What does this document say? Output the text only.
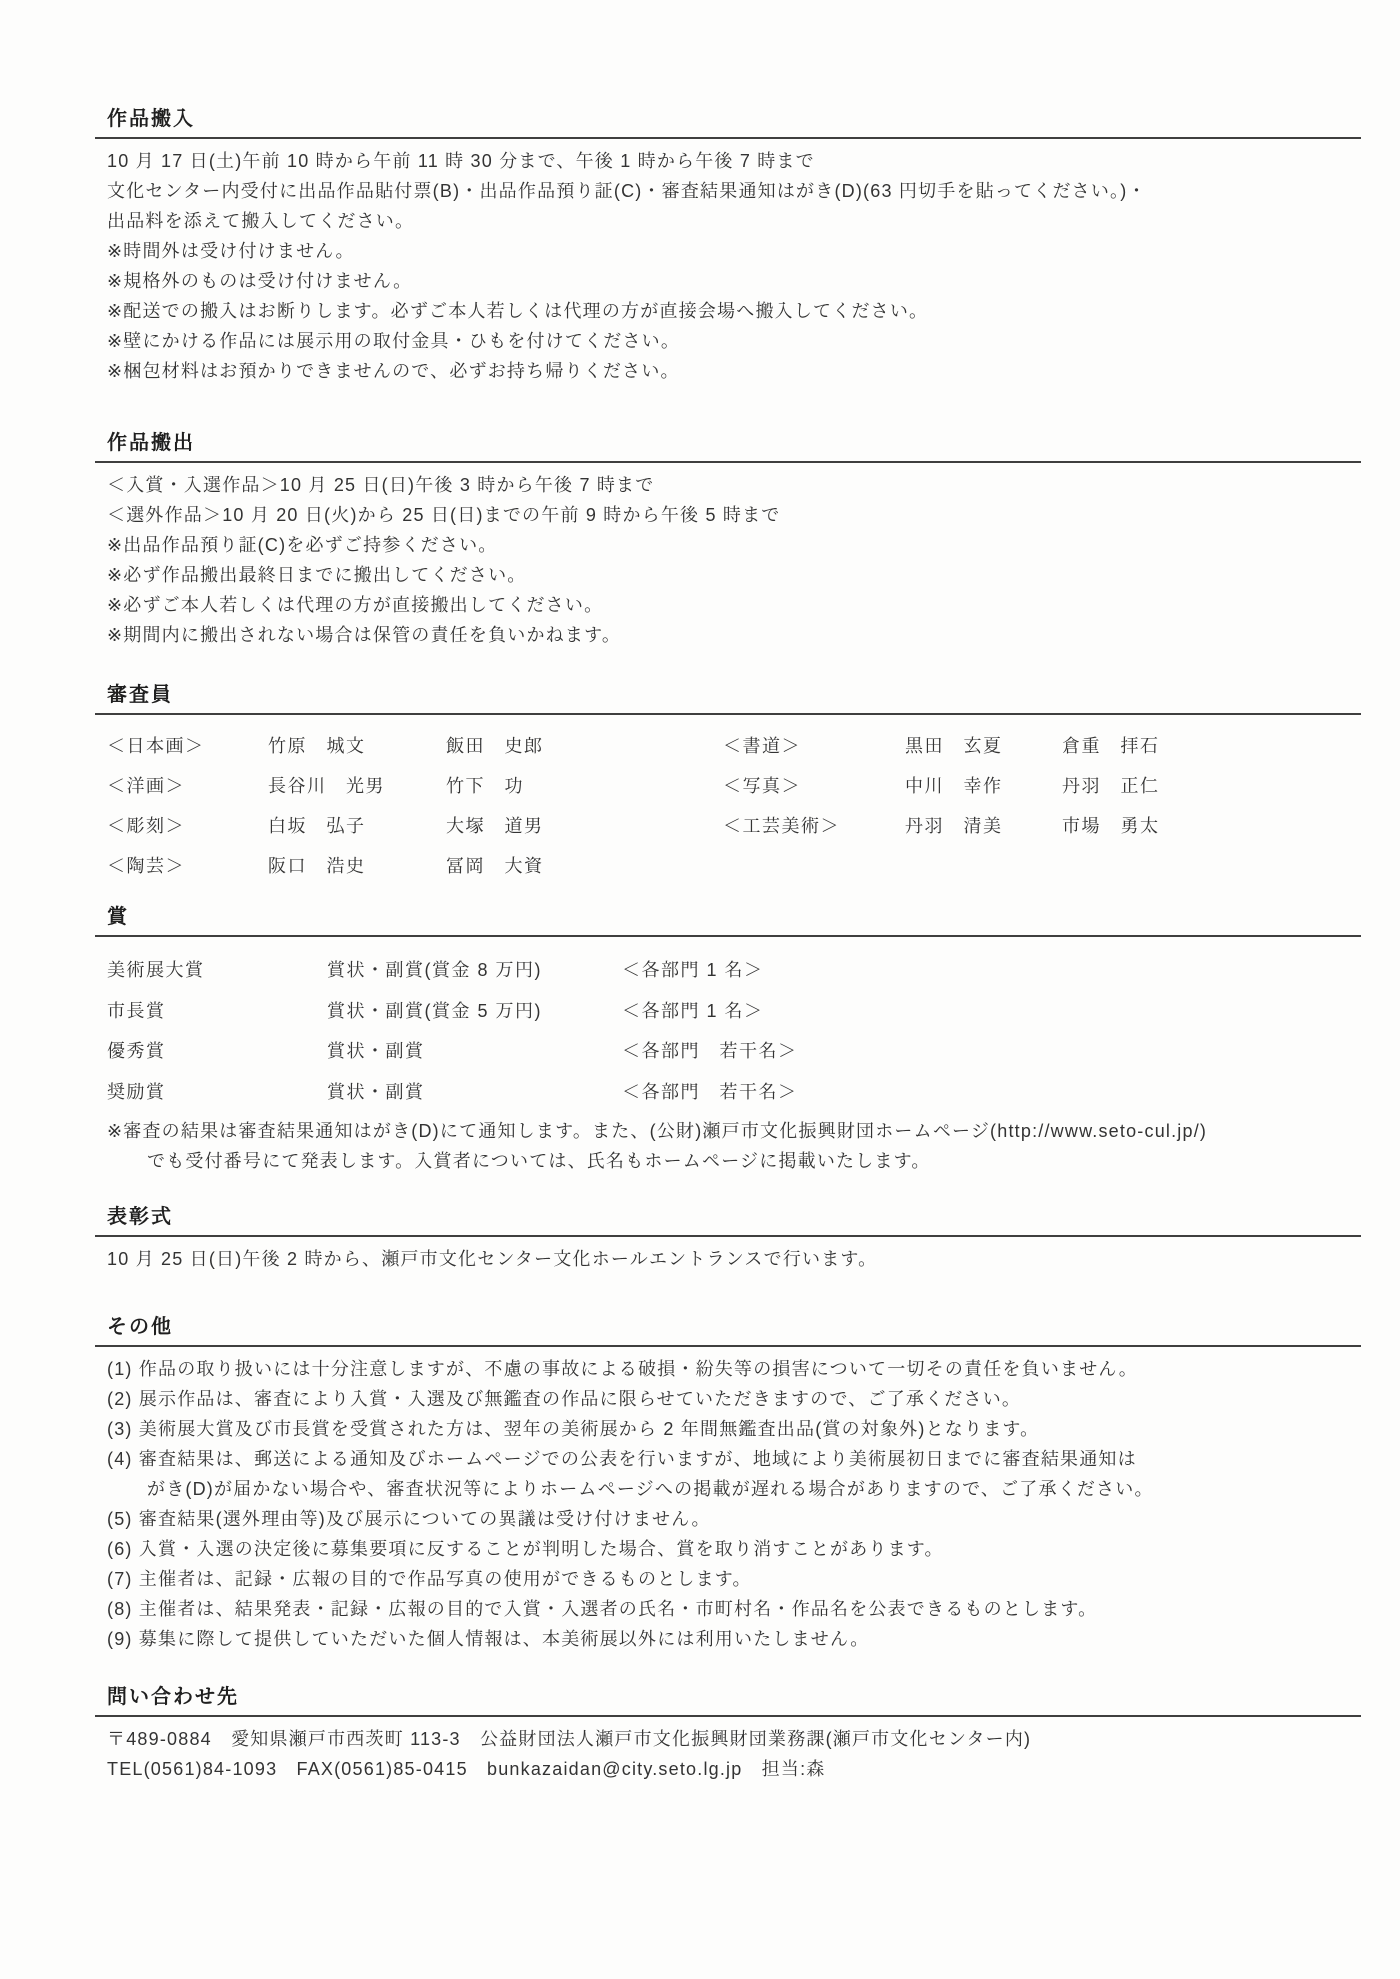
作品搬入
10 月 17 日(土)午前 10 時から午前 11 時 30 分まで、午後 1 時から午後 7 時まで
文化センター内受付に出品作品貼付票(B)・出品作品預り証(C)・審査結果通知はがき(D)(63 円切手を貼ってください。)・
出品料を添えて搬入してください。
※時間外は受け付けません。
※規格外のものは受け付けません。
※配送での搬入はお断りします。必ずご本人若しくは代理の方が直接会場へ搬入してください。
※壁にかける作品には展示用の取付金具・ひもを付けてください。
※梱包材料はお預かりできませんので、必ずお持ち帰りください。
作品搬出
＜入賞・入選作品＞10 月 25 日(日)午後 3 時から午後 7 時まで
＜選外作品＞10 月 20 日(火)から 25 日(日)までの午前 9 時から午後 5 時まで
※出品作品預り証(C)を必ずご持参ください。
※必ず作品搬出最終日までに搬出してください。
※必ずご本人若しくは代理の方が直接搬出してください。
※期間内に搬出されない場合は保管の責任を負いかねます。
審査員
＜日本画＞	竹原　城文	飯田　史郎	＜書道＞	黒田　玄夏	倉重　拝石
＜洋画＞	長谷川　光男	竹下　功	＜写真＞	中川　幸作	丹羽　正仁
＜彫刻＞	白坂　弘子	大塚　道男	＜工芸美術＞	丹羽　清美	市場　勇太
＜陶芸＞	阪口　浩史	冨岡　大資
賞
美術展大賞	賞状・副賞(賞金 8 万円)	＜各部門 1 名＞
市長賞	賞状・副賞(賞金 5 万円)	＜各部門 1 名＞
優秀賞	賞状・副賞	＜各部門　若干名＞
奨励賞	賞状・副賞	＜各部門　若干名＞
※審査の結果は審査結果通知はがき(D)にて通知します。また、(公財)瀬戸市文化振興財団ホームページ(http://www.seto-cul.jp/)
でも受付番号にて発表します。入賞者については、氏名もホームページに掲載いたします。
表彰式
10 月 25 日(日)午後 2 時から、瀬戸市文化センター文化ホールエントランスで行います。
その他
(1) 作品の取り扱いには十分注意しますが、不慮の事故による破損・紛失等の損害について一切その責任を負いません。
(2) 展示作品は、審査により入賞・入選及び無鑑査の作品に限らせていただきますので、ご了承ください。
(3) 美術展大賞及び市長賞を受賞された方は、翌年の美術展から 2 年間無鑑査出品(賞の対象外)となります。
(4) 審査結果は、郵送による通知及びホームページでの公表を行いますが、地域により美術展初日までに審査結果通知は
がき(D)が届かない場合や、審査状況等によりホームページへの掲載が遅れる場合がありますので、ご了承ください。
(5) 審査結果(選外理由等)及び展示についての異議は受け付けません。
(6) 入賞・入選の決定後に募集要項に反することが判明した場合、賞を取り消すことがあります。
(7) 主催者は、記録・広報の目的で作品写真の使用ができるものとします。
(8) 主催者は、結果発表・記録・広報の目的で入賞・入選者の氏名・市町村名・作品名を公表できるものとします。
(9) 募集に際して提供していただいた個人情報は、本美術展以外には利用いたしません。
問い合わせ先
〒489-0884　愛知県瀬戸市西茨町 113-3　公益財団法人瀬戸市文化振興財団業務課(瀬戸市文化センター内)
TEL(0561)84-1093　FAX(0561)85-0415　bunkazaidan@city.seto.lg.jp　担当:森
